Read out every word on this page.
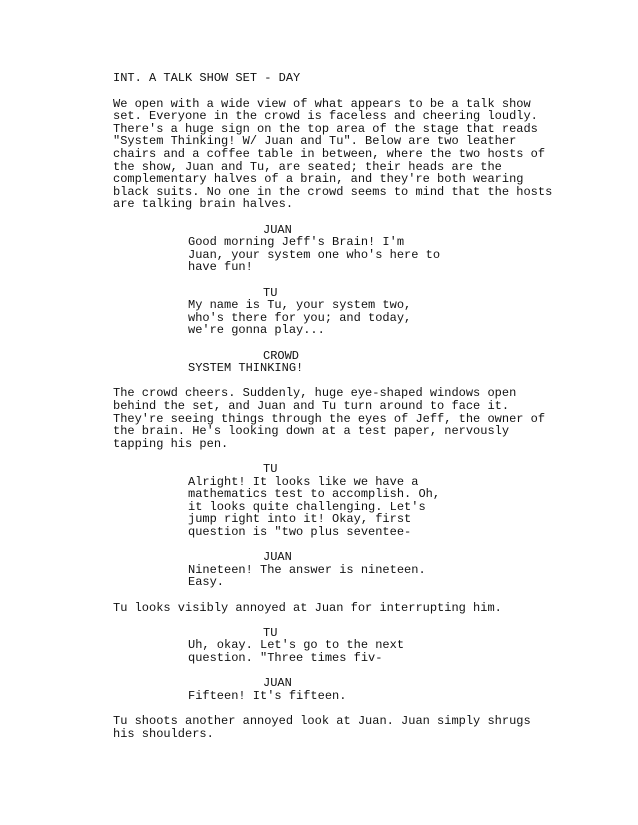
INT. A TALK SHOW SET - DAY
We open with a wide view of what appears to be a talk show
set. Everyone in the crowd is faceless and cheering loudly.
There's a huge sign on the top area of the stage that reads
"System Thinking! W/ Juan and Tu". Below are two leather
chairs and a coffee table in between, where the two hosts of
the show, Juan and Tu, are seated; their heads are the
complementary halves of a brain, and they're both wearing
black suits. No one in the crowd seems to mind that the hosts
are talking brain halves.
JUAN
Good morning Jeff's Brain! I'm
Juan, your system one who's here to
have fun!
TU
My name is Tu, your system two,
who's there for you; and today,
we're gonna play...
CROWD
SYSTEM THINKING!
The crowd cheers. Suddenly, huge eye-shaped windows open
behind the set, and Juan and Tu turn around to face it.
They're seeing things through the eyes of Jeff, the owner of
the brain. He's looking down at a test paper, nervously
tapping his pen.
TU
Alright! It looks like we have a
mathematics test to accomplish. Oh,
it looks quite challenging. Let's
jump right into it! Okay, first
question is "two plus seventee-
JUAN
Nineteen! The answer is nineteen.
Easy.
Tu looks visibly annoyed at Juan for interrupting him.
TU
Uh, okay. Let's go to the next
question. "Three times fiv-
JUAN
Fifteen! It's fifteen.
Tu shoots another annoyed look at Juan. Juan simply shrugs
his shoulders.
